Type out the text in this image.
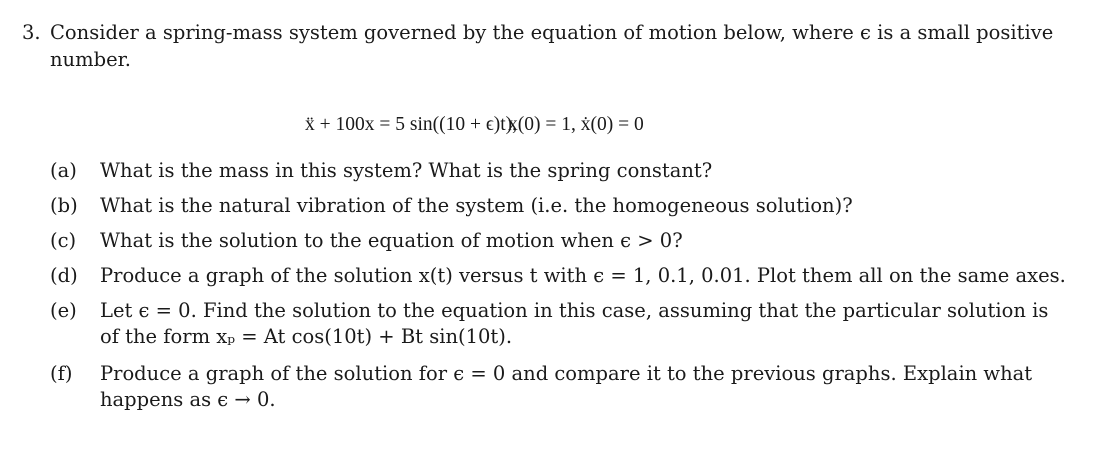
3. Consider a spring-mass system governed by the equation of motion below, where ϵ is a small positive
number.
ẍ + 100x = 5 sin((10 + ϵ)t),
x(0) = 1, ẋ(0) = 0
(a) What is the mass in this system? What is the spring constant?
(b) What is the natural vibration of the system (i.e. the homogeneous solution)?
(c) What is the solution to the equation of motion when ϵ > 0?
(d) Produce a graph of the solution x(t) versus t with ϵ = 1, 0.1, 0.01. Plot them all on the same axes.
(e) Let ϵ = 0. Find the solution to the equation in this case, assuming that the particular solution is
of the form xₚ = At cos(10t) + Bt sin(10t).
(f) Produce a graph of the solution for ϵ = 0 and compare it to the previous graphs. Explain what
happens as ϵ → 0.
